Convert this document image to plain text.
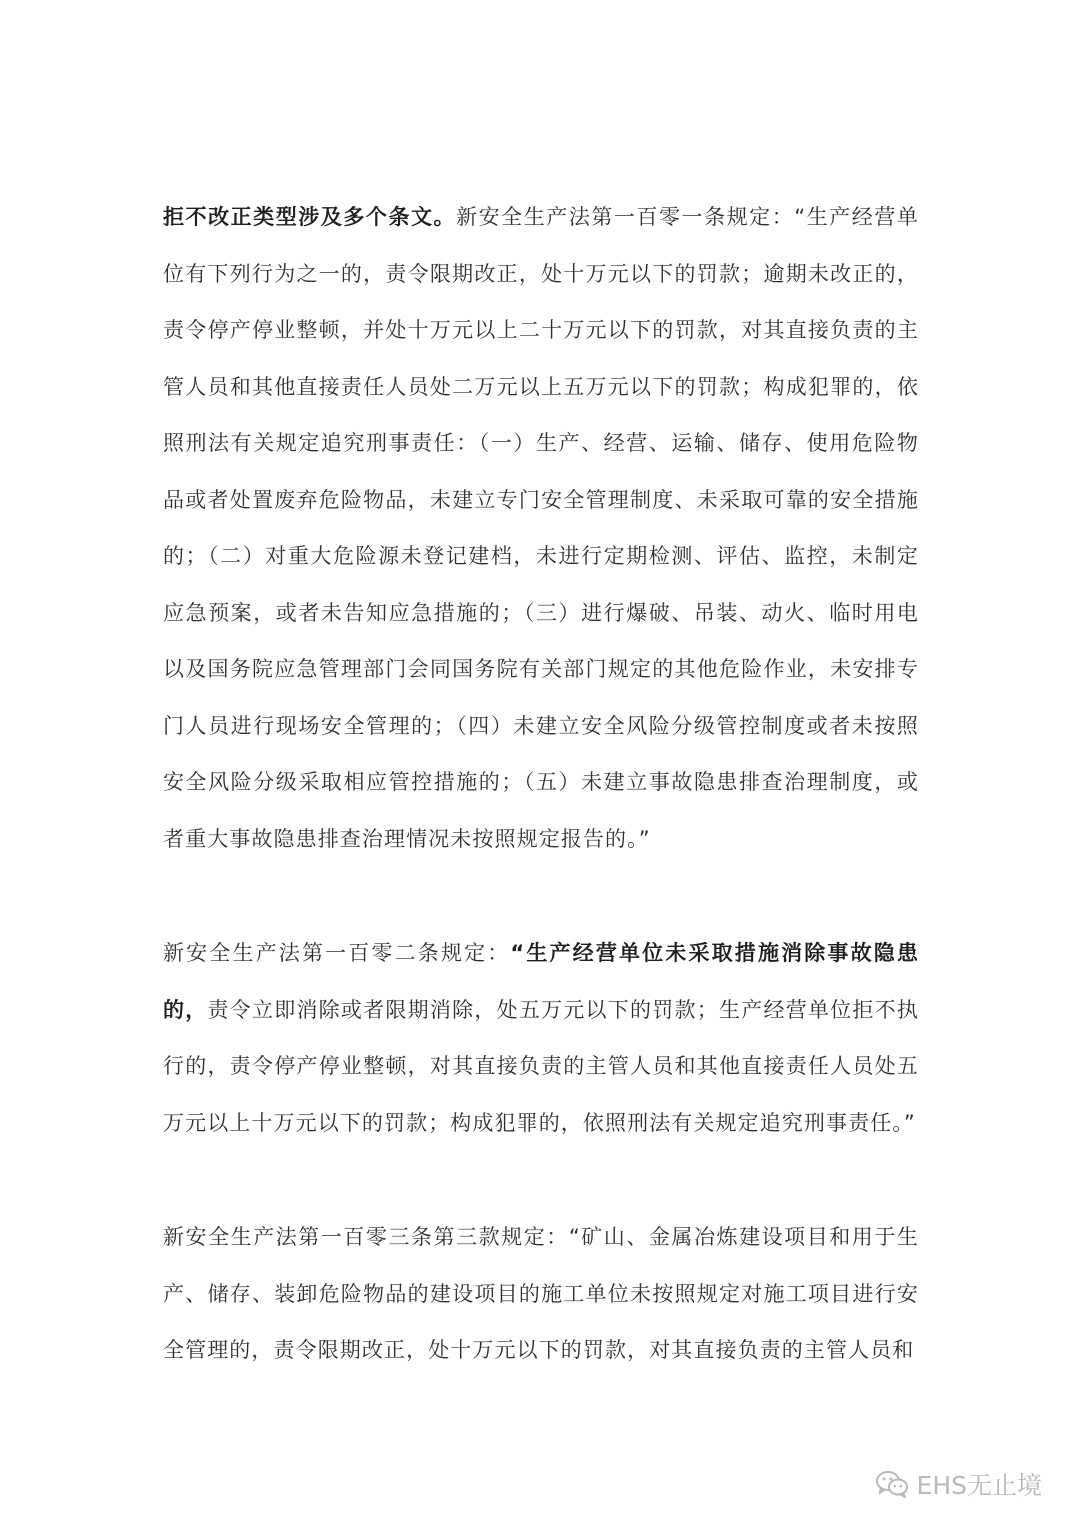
拒不改正类型涉及多个条文。新安全生产法第一百零一条规定：“生产经营单位有下列行为之一的，责令限期改正，处十万元以下的罚款；逾期未改正的，责令停产停业整顿，并处十万元以上二十万元以下的罚款，对其直接负责的主管人员和其他直接责任人员处二万元以上五万元以下的罚款；构成犯罪的，依照刑法有关规定追究刑事责任：（一）生产、经营、运输、储存、使用危险物品或者处置废弃危险物品，未建立专门安全管理制度、未采取可靠的安全措施的；（二）对重大危险源未登记建档，未进行定期检测、评估、监控，未制定应急预案，或者未告知应急措施的；（三）进行爆破、吊装、动火、临时用电以及国务院应急管理部门会同国务院有关部门规定的其他危险作业，未安排专门人员进行现场安全管理的；（四）未建立安全风险分级管控制度或者未按照安全风险分级采取相应管控措施的；（五）未建立事故隐患排查治理制度，或者重大事故隐患排查治理情况未按照规定报告的。”

新安全生产法第一百零二条规定：“生产经营单位未采取措施消除事故隐患的，责令立即消除或者限期消除，处五万元以下的罚款；生产经营单位拒不执行的，责令停产停业整顿，对其直接负责的主管人员和其他直接责任人员处五万元以上十万元以下的罚款；构成犯罪的，依照刑法有关规定追究刑事责任。”

新安全生产法第一百零三条第三款规定：“矿山、金属冶炼建设项目和用于生产、储存、装卸危险物品的建设项目的施工单位未按照规定对施工项目进行安全管理的，责令限期改正，处十万元以下的罚款，对其直接负责的主管人员和

EHS无止境
